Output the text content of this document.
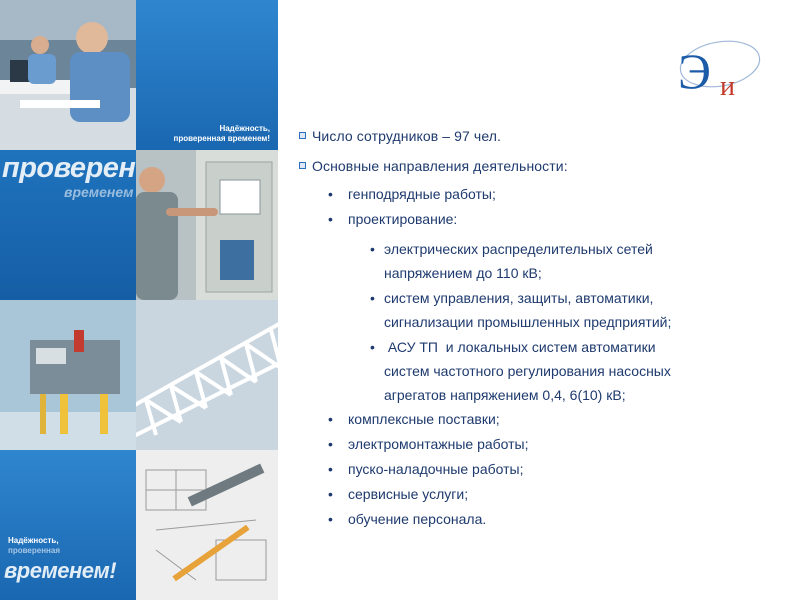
Надёжность,
проверенная временем!
проверен
временем
Надёжность,
проверенная
временем!
Э и
Число сотрудников – 97 чел.
Основные направления деятельности:
• генподрядные работы;
• проектирование:
• электрических распределительных сетей
напряжением до 110 кВ;
• систем управления, защиты, автоматики,
сигнализации промышленных предприятий;
• АСУ ТП  и локальных систем автоматики
систем частотного регулирования насосных
агрегатов напряжением 0,4, 6(10) кВ;
• комплексные поставки;
• электромонтажные работы;
• пуско-наладочные работы;
• сервисные услуги;
• обучение персонала.
